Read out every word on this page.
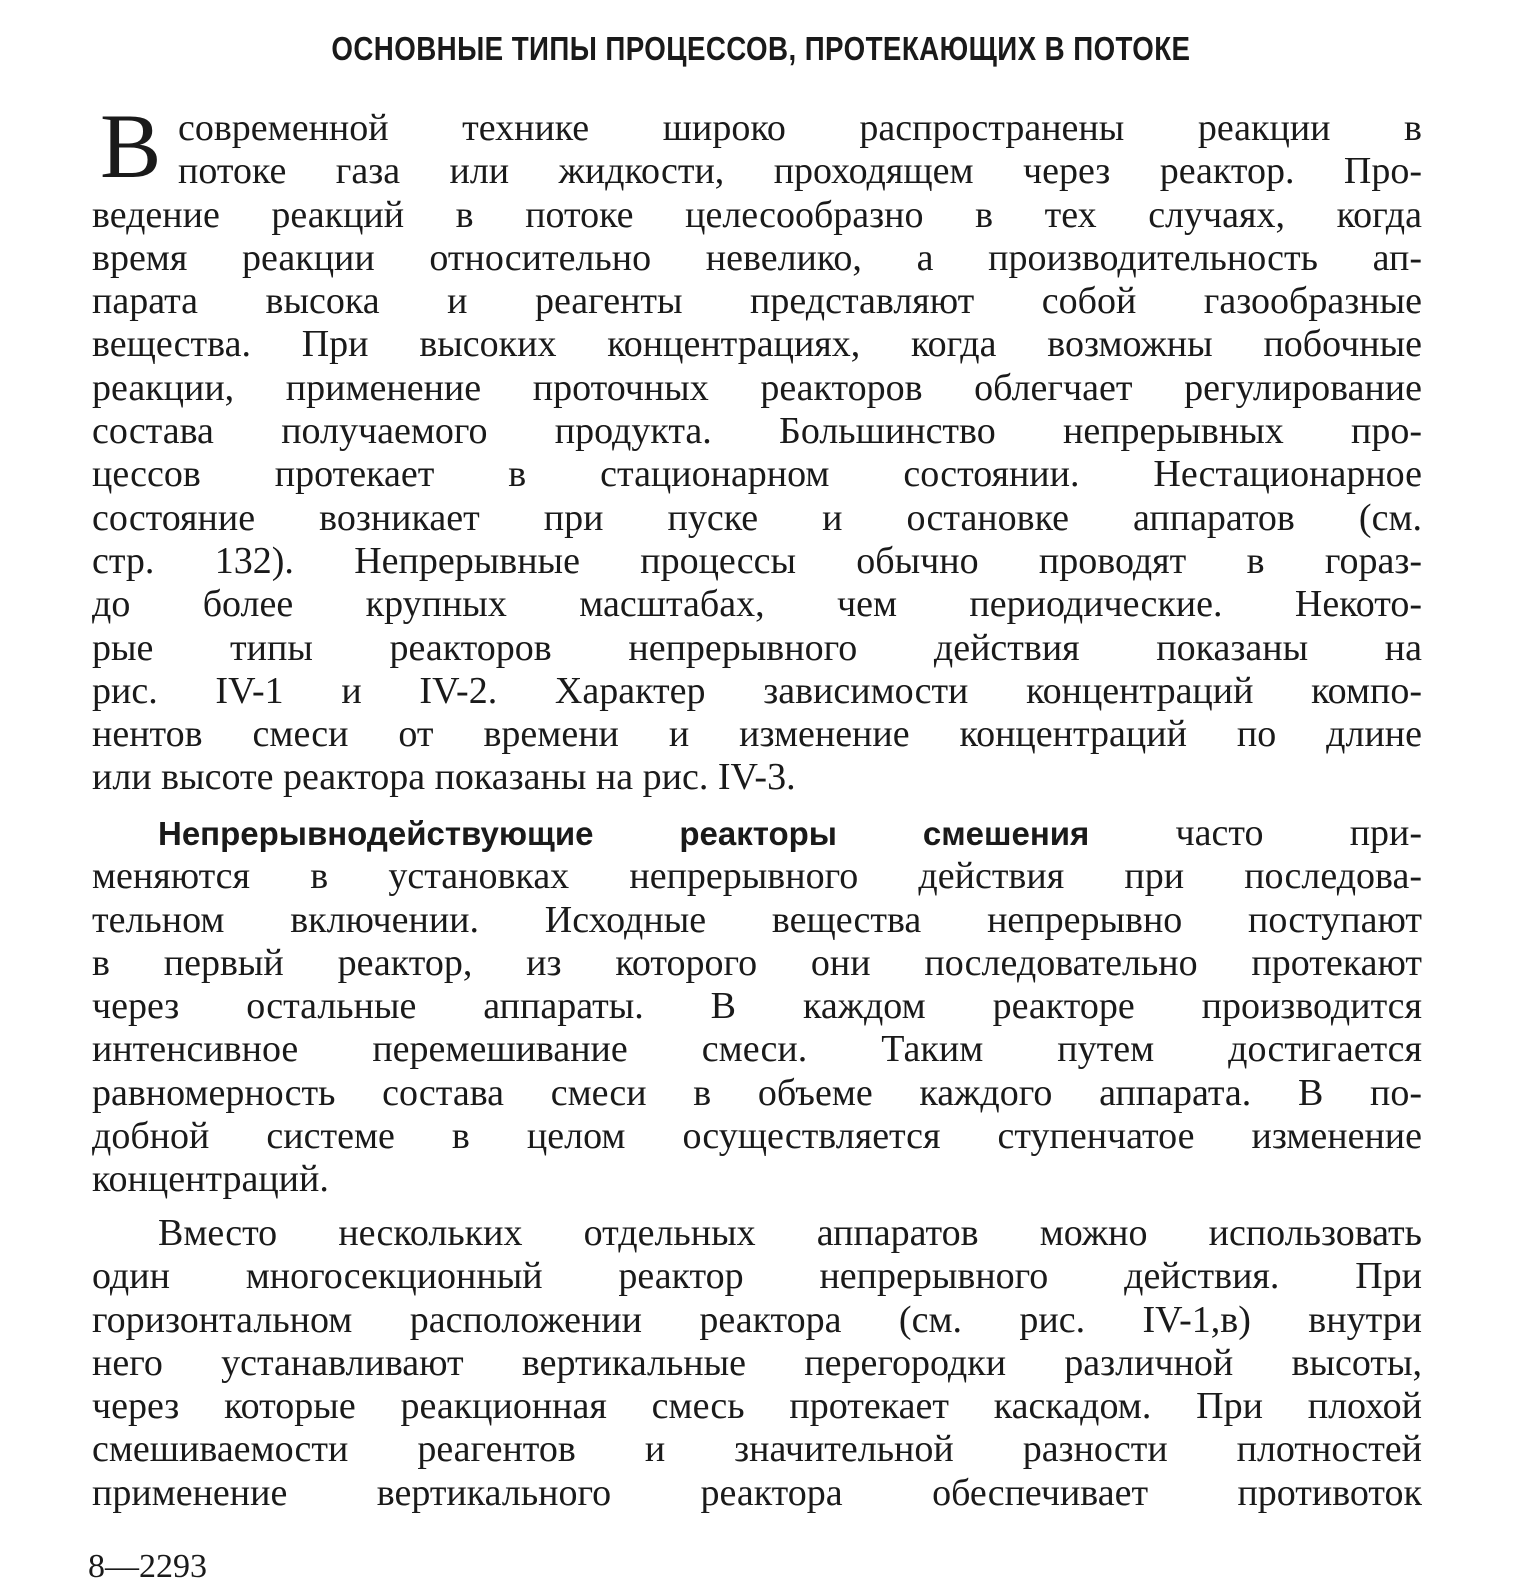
ОСНОВНЫЕ ТИПЫ ПРОЦЕССОВ, ПРОТЕКАЮЩИХ В ПОТОКЕ
В современной технике широко распространены реакции в
потоке газа или жидкости, проходящем через реактор. Про-
ведение реакций в потоке целесообразно в тех случаях, когда
время реакции относительно невелико, а производительность ап-
парата высока и реагенты представляют собой газообразные
вещества. При высоких концентрациях, когда возможны побочные
реакции, применение проточных реакторов облегчает регулирование
состава получаемого продукта. Большинство непрерывных про-
цессов протекает в стационарном состоянии. Нестационарное
состояние возникает при пуске и остановке аппаратов (см.
стр. 132). Непрерывные процессы обычно проводят в гораз-
до более крупных масштабах, чем периодические. Некото-
рые типы реакторов непрерывного действия показаны на
рис. IV-1 и IV-2. Характер зависимости концентраций компо-
нентов смеси от времени и изменение концентраций по длине
или высоте реактора показаны на рис. IV-3.
Непрерывнодействующие реакторы смешения часто при-
меняются в установках непрерывного действия при последова-
тельном включении. Исходные вещества непрерывно поступают
в первый реактор, из которого они последовательно протекают
через остальные аппараты. В каждом реакторе производится
интенсивное перемешивание смеси. Таким путем достигается
равномерность состава смеси в объеме каждого аппарата. В по-
добной системе в целом осуществляется ступенчатое изменение
концентраций.
Вместо нескольких отдельных аппаратов можно использовать
один многосекционный реактор непрерывного действия. При
горизонтальном расположении реактора (см. рис. IV-1,в) внутри
него устанавливают вертикальные перегородки различной высоты,
через которые реакционная смесь протекает каскадом. При плохой
смешиваемости реагентов и значительной разности плотностей
применение вертикального реактора обеспечивает противоток
8—2293
